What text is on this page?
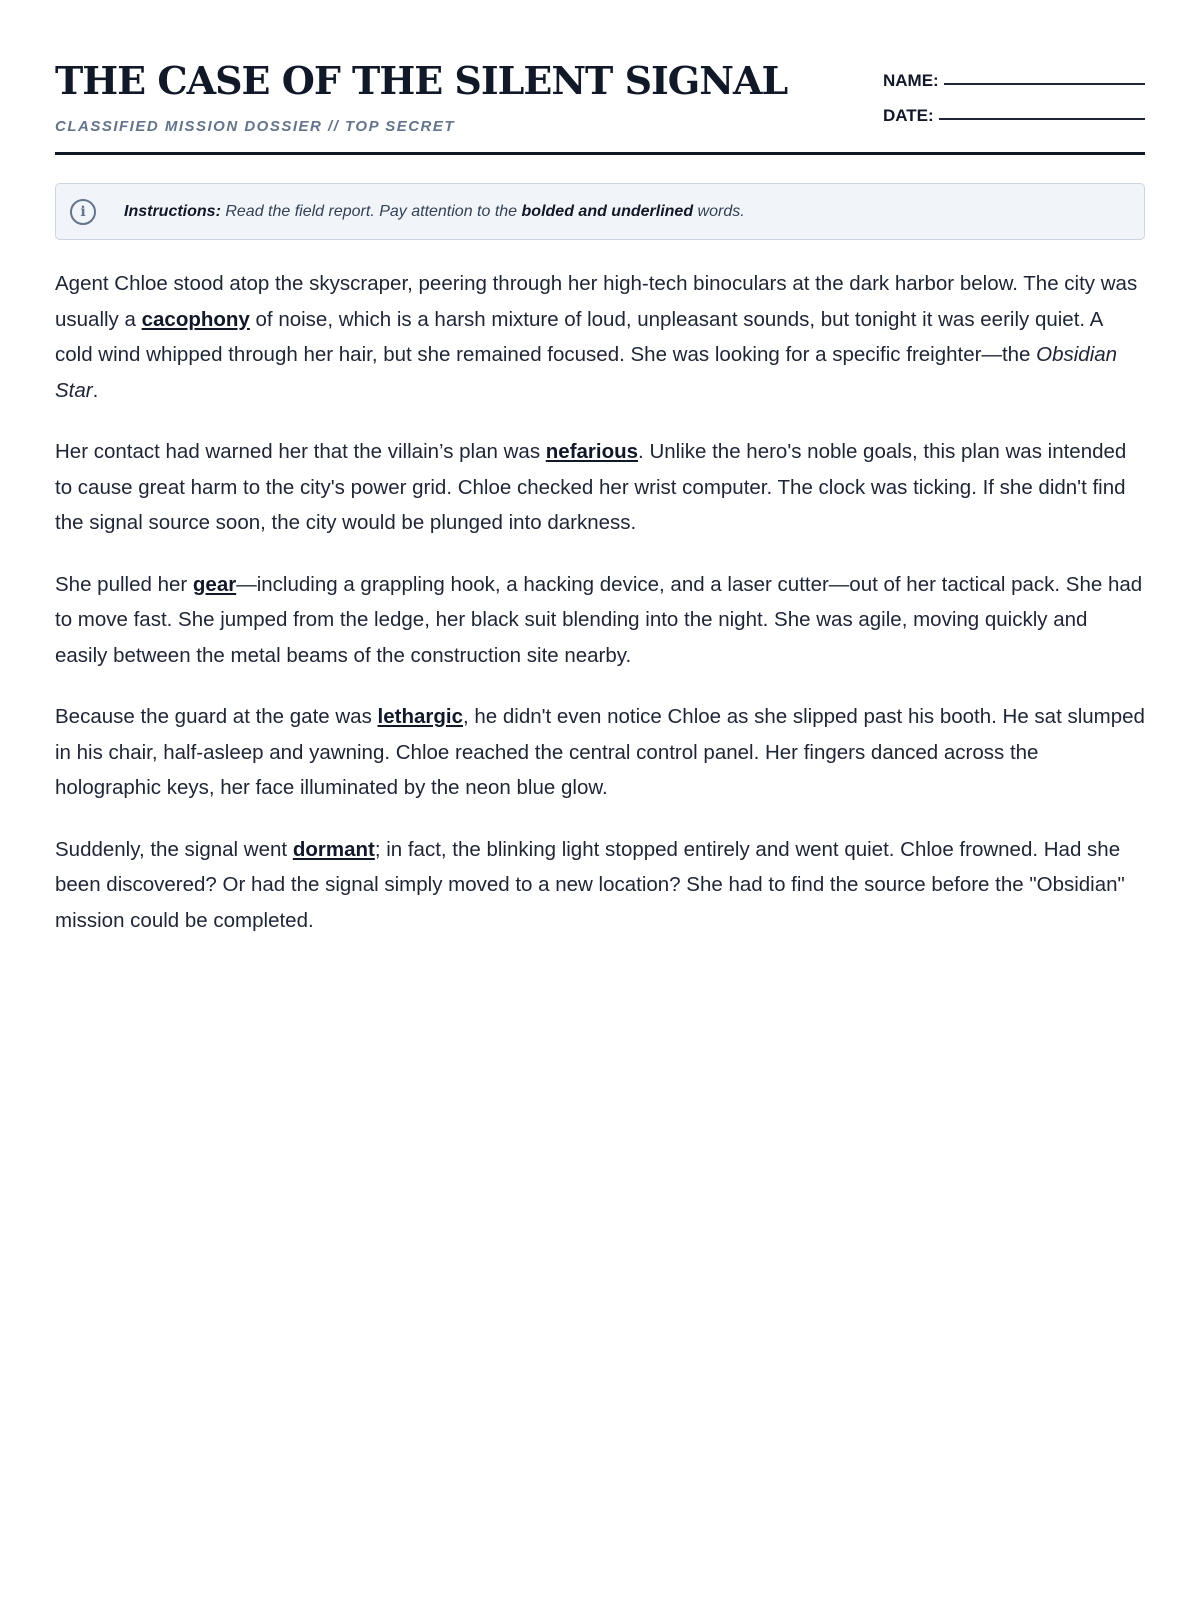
THE CASE OF THE SILENT SIGNAL
CLASSIFIED MISSION DOSSIER // TOP SECRET
NAME:
DATE:
i	Instructions: Read the field report. Pay attention to the bolded and underlined words.

Agent Chloe stood atop the skyscraper, peering through her high-tech binoculars at the dark harbor below. The city was usually a cacophony of noise, which is a harsh mixture of loud, unpleasant sounds, but tonight it was eerily quiet. A cold wind whipped through her hair, but she remained focused. She was looking for a specific freighter—the Obsidian Star.

Her contact had warned her that the villain’s plan was nefarious. Unlike the hero's noble goals, this plan was intended to cause great harm to the city's power grid. Chloe checked her wrist computer. The clock was ticking. If she didn't find the signal source soon, the city would be plunged into darkness.

She pulled her gear—including a grappling hook, a hacking device, and a laser cutter—out of her tactical pack. She had to move fast. She jumped from the ledge, her black suit blending into the night. She was agile, moving quickly and easily between the metal beams of the construction site nearby.

Because the guard at the gate was lethargic, he didn't even notice Chloe as she slipped past his booth. He sat slumped in his chair, half-asleep and yawning. Chloe reached the central control panel. Her fingers danced across the holographic keys, her face illuminated by the neon blue glow.

Suddenly, the signal went dormant; in fact, the blinking light stopped entirely and went quiet. Chloe frowned. Had she been discovered? Or had the signal simply moved to a new location? She had to find the source before the "Obsidian" mission could be completed.
